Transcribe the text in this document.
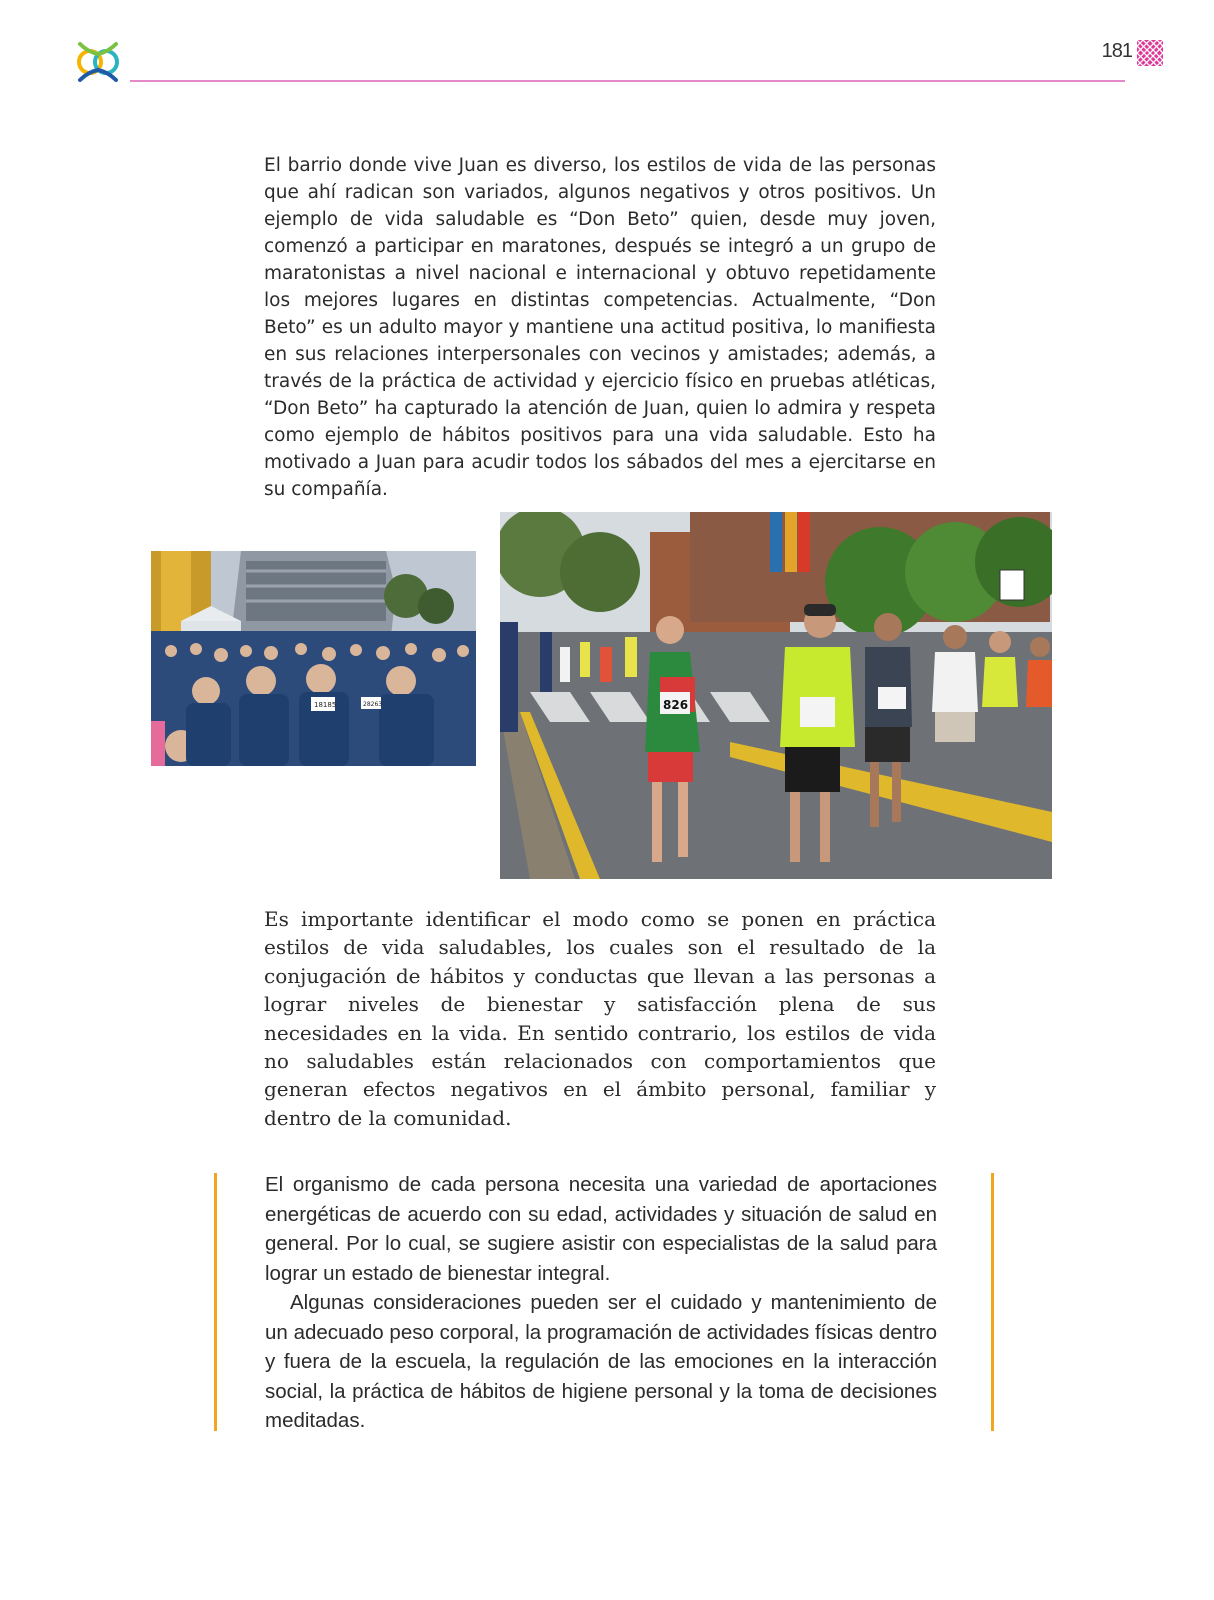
181

El barrio donde vive Juan es diverso, los estilos de vida de las personas que ahí radican son variados, algunos negativos y otros positivos. Un ejemplo de vida saludable es “Don Beto” quien, desde muy joven, comenzó a participar en maratones, después se integró a un grupo de maratonistas a nivel nacional e internacional y obtuvo repetidamente los mejores lugares en distintas competencias. Actualmente, “Don Beto” es un adulto mayor y mantiene una actitud positiva, lo manifiesta en sus relaciones interpersonales con vecinos y amistades; además, a través de la práctica de actividad y ejercicio físico en pruebas atléticas, “Don Beto” ha capturado la atención de Juan, quien lo admira y respeta como ejemplo de hábitos positivos para una vida saludable. Esto ha motivado a Juan para acudir todos los sábados del mes a ejercitarse en su compañía.

18185	28263	826

Es importante identificar el modo como se ponen en práctica estilos de vida saludables, los cuales son el resultado de la conjugación de hábitos y conductas que llevan a las personas a lograr niveles de bienestar y satisfacción plena de sus necesidades en la vida. En sentido contrario, los estilos de vida no saludables están relacionados con comportamientos que generan efectos negativos en el ámbito personal, familiar y dentro de la comunidad.

El organismo de cada persona necesita una variedad de aportaciones energéticas de acuerdo con su edad, actividades y situación de salud en general. Por lo cual, se sugiere asistir con especialistas de la salud para lograr un estado de bienestar integral.

Algunas consideraciones pueden ser el cuidado y mantenimiento de un adecuado peso corporal, la programación de actividades físicas dentro y fuera de la escuela, la regulación de las emociones en la interacción social, la práctica de hábitos de higiene personal y la toma de decisiones meditadas.
